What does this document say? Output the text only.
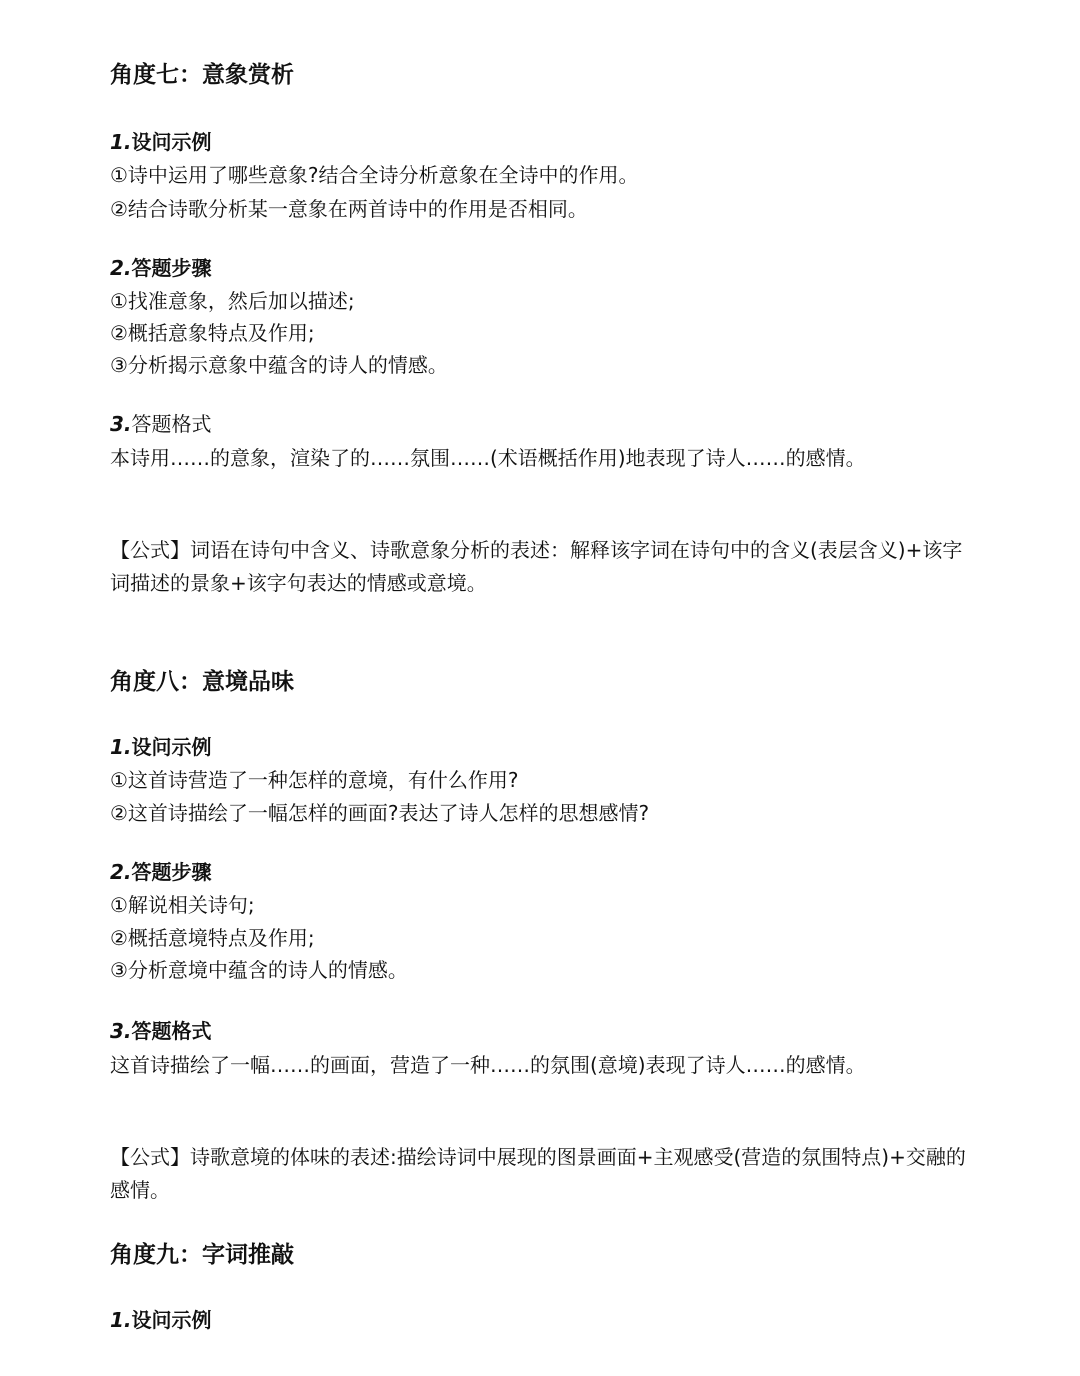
角度七：意象赏析
1.设问示例
①诗中运用了哪些意象?结合全诗分析意象在全诗中的作用。
②结合诗歌分析某一意象在两首诗中的作用是否相同。
2.答题步骤
①找准意象，然后加以描述;
②概括意象特点及作用;
③分析揭示意象中蕴含的诗人的情感。
3.答题格式
本诗用……的意象，渲染了的……氛围……(术语概括作用)地表现了诗人……的感情。
【公式】词语在诗句中含义、诗歌意象分析的表述：解释该字词在诗句中的含义(表层含义)+该字词描述的景象+该字句表达的情感或意境。
角度八：意境品味
1.设问示例
①这首诗营造了一种怎样的意境，有什么作用?
②这首诗描绘了一幅怎样的画面?表达了诗人怎样的思想感情?
2.答题步骤
①解说相关诗句;
②概括意境特点及作用;
③分析意境中蕴含的诗人的情感。
3.答题格式
这首诗描绘了一幅……的画面，营造了一种……的氛围(意境)表现了诗人……的感情。
【公式】诗歌意境的体味的表述:描绘诗词中展现的图景画面+主观感受(营造的氛围特点)+交融的感情。
角度九：字词推敲
1.设问示例
